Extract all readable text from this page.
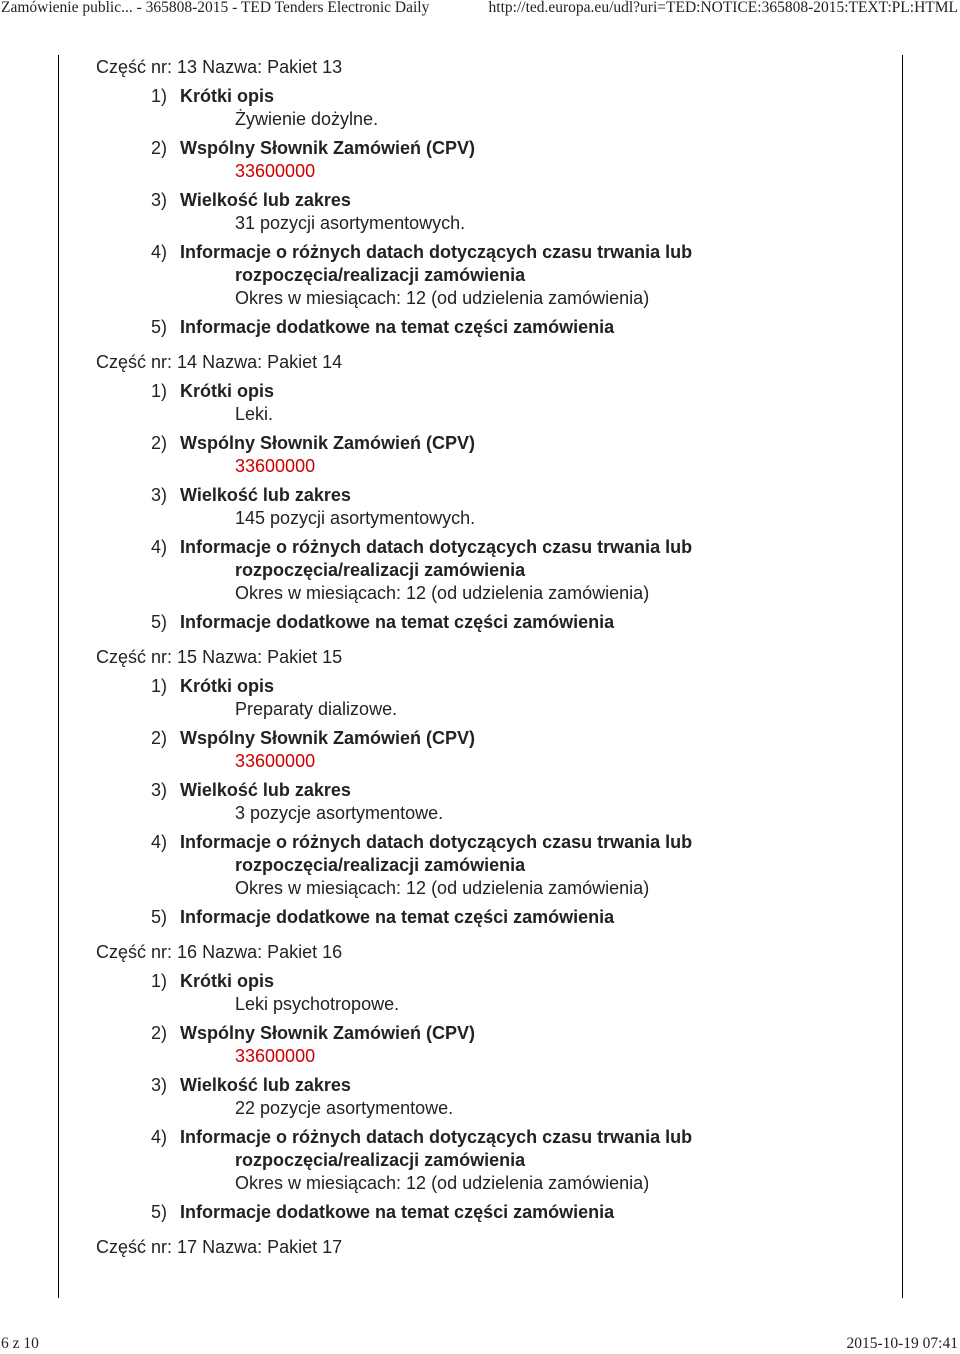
Zamówienie public... - 365808-2015 - TED Tenders Electronic Daily	http://ted.europa.eu/udl?uri=TED:NOTICE:365808-2015:TEXT:PL:HTML
Część nr: 13 Nazwa: Pakiet 13
1) Krótki opis
Żywienie dożylne.
2) Wspólny Słownik Zamówień (CPV)
33600000
3) Wielkość lub zakres
31 pozycji asortymentowych.
4) Informacje o różnych datach dotyczących czasu trwania lub
rozpoczęcia/realizacji zamówienia
Okres w miesiącach: 12 (od udzielenia zamówienia)
5) Informacje dodatkowe na temat części zamówienia
Część nr: 14 Nazwa: Pakiet 14
1) Krótki opis
Leki.
2) Wspólny Słownik Zamówień (CPV)
33600000
3) Wielkość lub zakres
145 pozycji asortymentowych.
4) Informacje o różnych datach dotyczących czasu trwania lub
rozpoczęcia/realizacji zamówienia
Okres w miesiącach: 12 (od udzielenia zamówienia)
5) Informacje dodatkowe na temat części zamówienia
Część nr: 15 Nazwa: Pakiet 15
1) Krótki opis
Preparaty dializowe.
2) Wspólny Słownik Zamówień (CPV)
33600000
3) Wielkość lub zakres
3 pozycje asortymentowe.
4) Informacje o różnych datach dotyczących czasu trwania lub
rozpoczęcia/realizacji zamówienia
Okres w miesiącach: 12 (od udzielenia zamówienia)
5) Informacje dodatkowe na temat części zamówienia
Część nr: 16 Nazwa: Pakiet 16
1) Krótki opis
Leki psychotropowe.
2) Wspólny Słownik Zamówień (CPV)
33600000
3) Wielkość lub zakres
22 pozycje asortymentowe.
4) Informacje o różnych datach dotyczących czasu trwania lub
rozpoczęcia/realizacji zamówienia
Okres w miesiącach: 12 (od udzielenia zamówienia)
5) Informacje dodatkowe na temat części zamówienia
Część nr: 17 Nazwa: Pakiet 17
6 z 10	2015-10-19 07:41
